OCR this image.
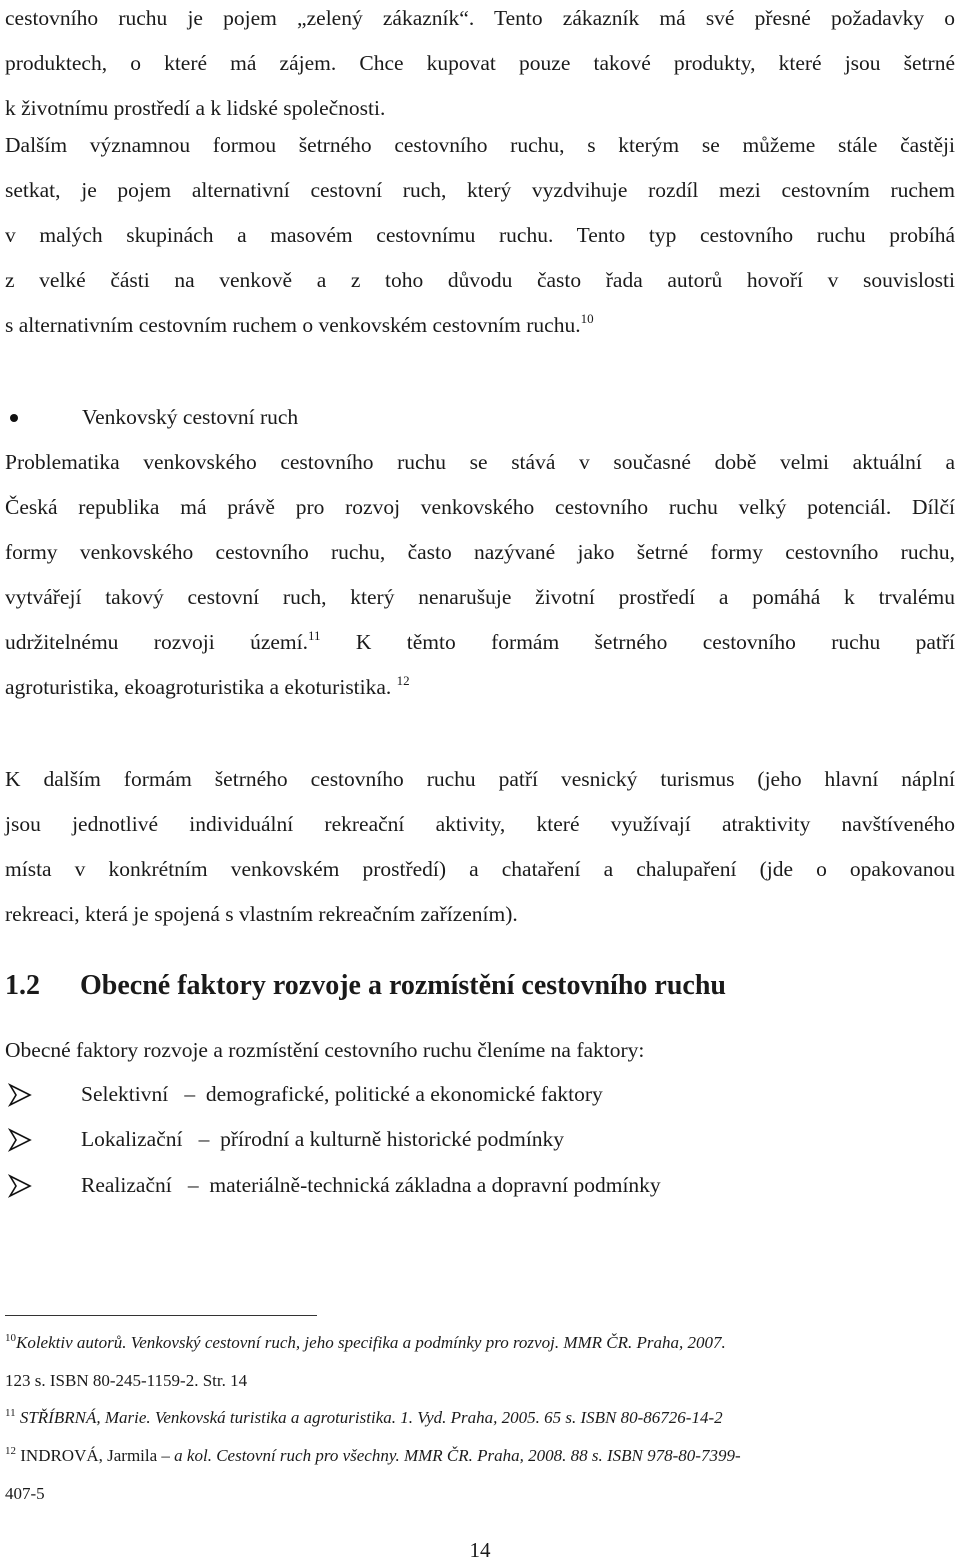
cestovního ruchu je pojem „zelený zákazník“. Tento zákazník má své přesné požadavky o
produktech, o které má zájem. Chce kupovat pouze takové produkty, které jsou šetrné
k životnímu prostředí a k lidské společnosti.
Dalším významnou formou šetrného cestovního ruchu, s kterým se můžeme stále častěji
setkat, je pojem alternativní cestovní ruch, který vyzdvihuje rozdíl mezi cestovním ruchem
v malých skupinách a masovém cestovnímu ruchu. Tento typ cestovního ruchu probíhá
z velké části na venkově a z toho důvodu často řada autorů hovoří v souvislosti
s alternativním cestovním ruchem o venkovském cestovním ruchu.$^{10}$
Venkovský cestovní ruch
Problematika venkovského cestovního ruchu se stává v současné době velmi aktuální a
Česká republika má právě pro rozvoj venkovského cestovního ruchu velký potenciál. Dílčí
formy venkovského cestovního ruchu, často nazývané jako šetrné formy cestovního ruchu,
vytvářejí takový cestovní ruch, který nenarušuje životní prostředí a pomáhá k trvalému
udržitelnému rozvoji území.$^{11}$ K těmto formám šetrného cestovního ruchu patří
agroturistika, ekoagroturistika a ekoturistika. $^{12}$
K dalším formám šetrného cestovního ruchu patří vesnický turismus (jeho hlavní náplní
jsou jednotlivé individuální rekreační aktivity, které využívají atraktivity navštíveného
místa v konkrétním venkovském prostředí) a chataření a chalupaření (jde o opakovanou
rekreaci, která je spojená s vlastním rekreačním zařízením).
1.2 Obecné faktory rozvoje a rozmístění cestovního ruchu
Obecné faktory rozvoje a rozmístění cestovního ruchu členíme na faktory:
Selektivní – demografické, politické a ekonomické faktory
Lokalizační – přírodní a kulturně historické podmínky
Realizační – materiálně-technická základna a dopravní podmínky
$^{10}$Kolektiv autorů. Venkovský cestovní ruch, jeho specifika a podmínky pro rozvoj. MMR ČR. Praha, 2007.
123 s. ISBN 80-245-1159-2. Str. 14
$^{11}$ STŘÍBRNÁ, Marie. Venkovská turistika a agroturistika. 1. Vyd. Praha, 2005. 65 s. ISBN 80-86726-14-2
$^{12}$ INDROVÁ, Jarmila – a kol. Cestovní ruch pro všechny. MMR ČR. Praha, 2008. 88 s. ISBN 978-80-7399-
407-5
14
